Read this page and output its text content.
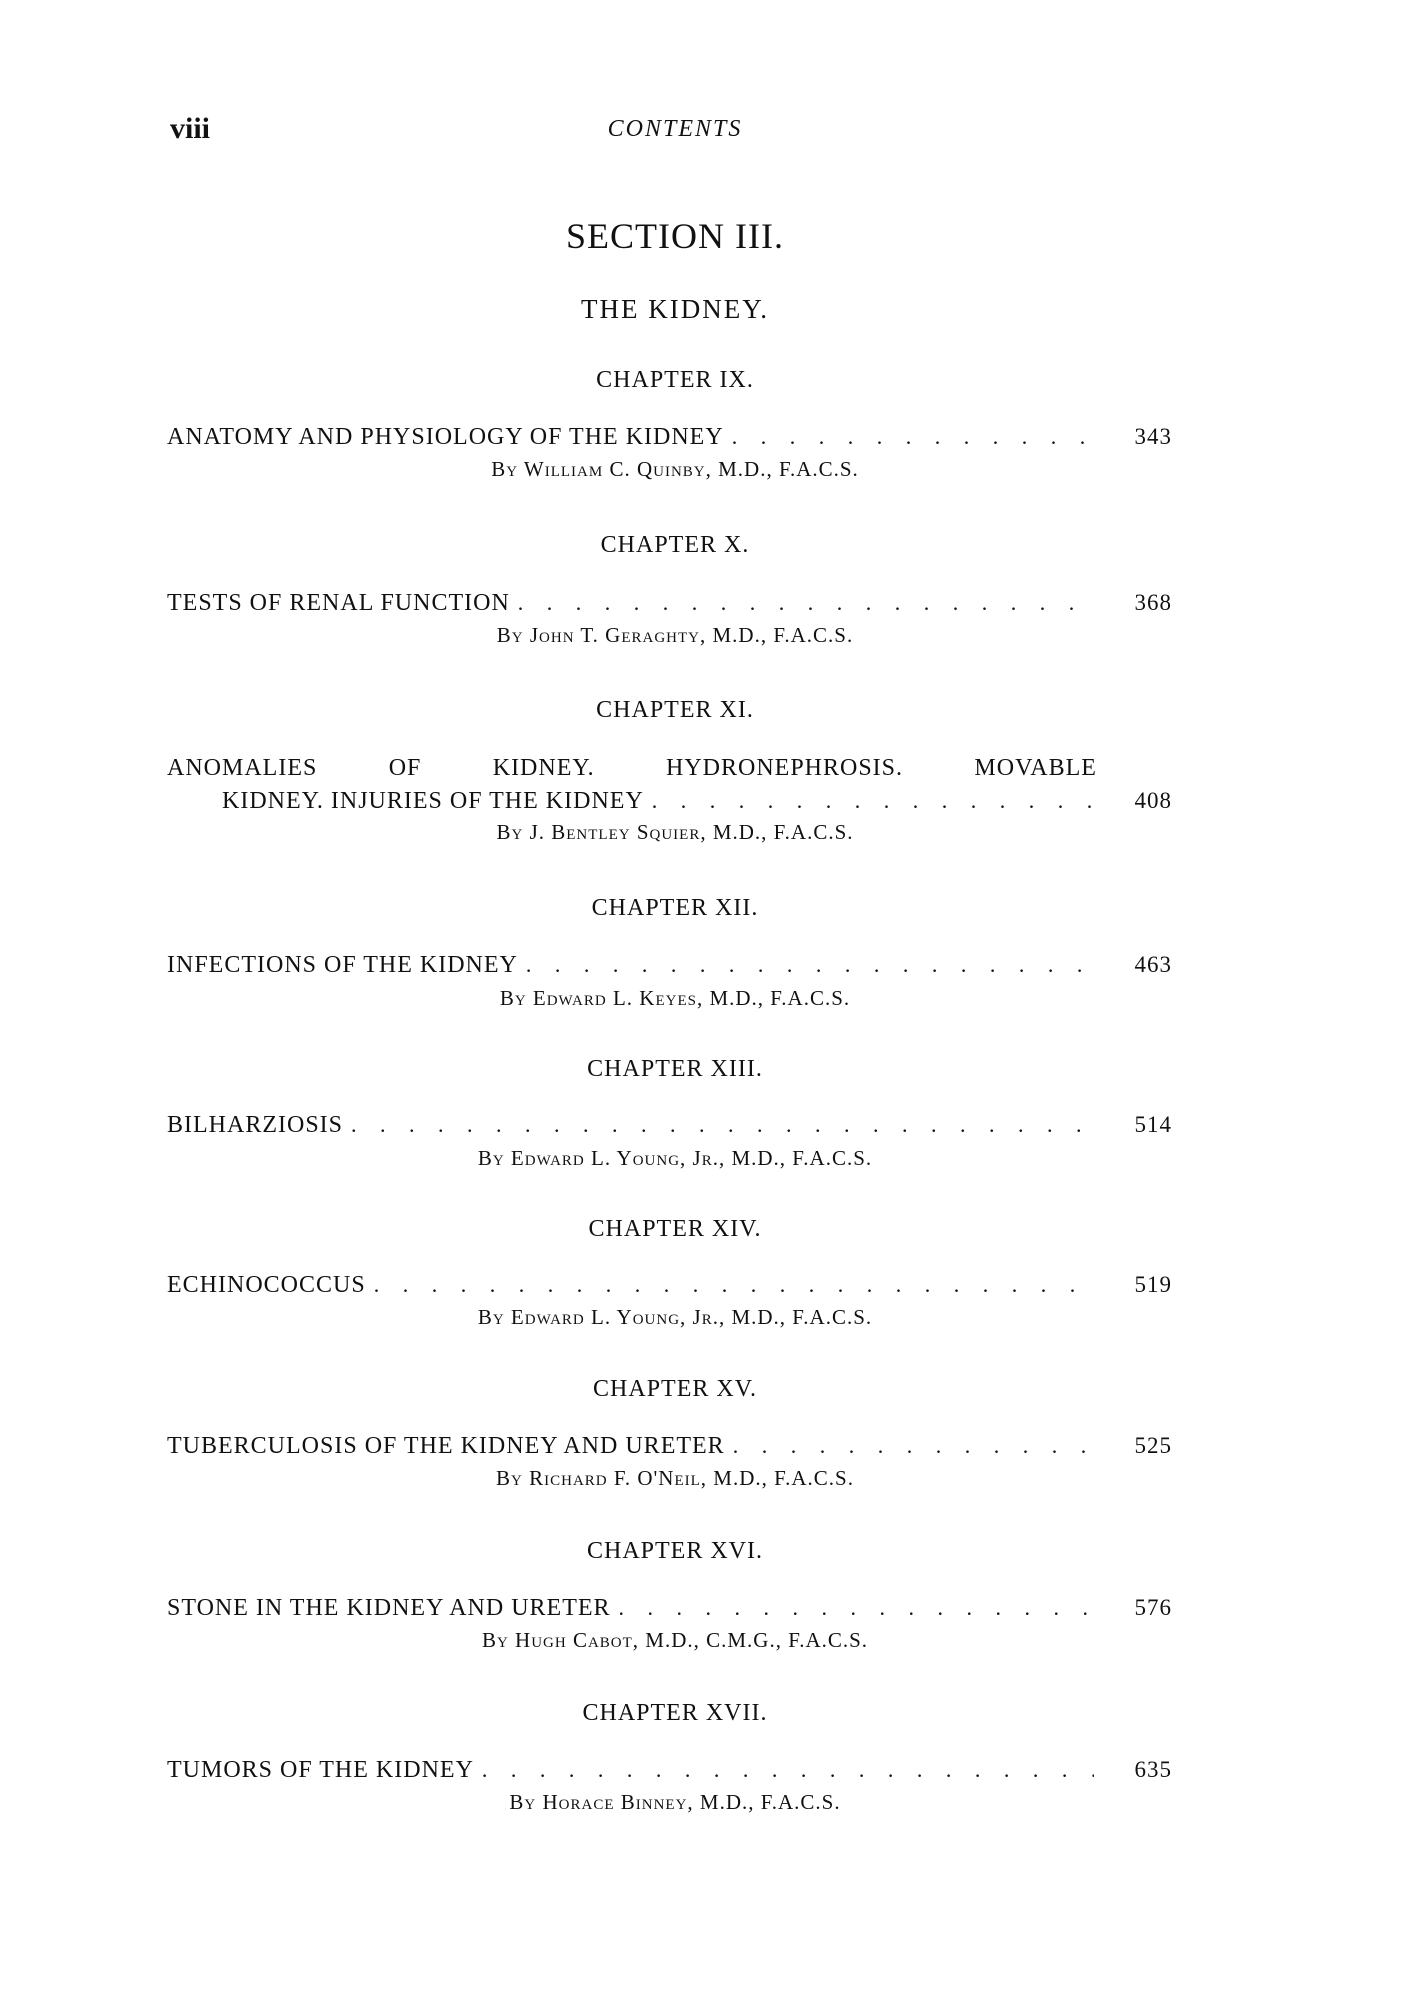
viii	CONTENTS
SECTION III.
THE KIDNEY.
CHAPTER IX.
ANATOMY AND PHYSIOLOGY OF THE KIDNEY . . .	343
By William C. Quinby, M.D., F.A.C.S.
CHAPTER X.
TESTS OF RENAL FUNCTION . . .	368
By John T. Geraghty, M.D., F.A.C.S.
CHAPTER XI.
ANOMALIES	OF	KIDNEY.	HYDRONEPHROSIS.	MOVABLE
KIDNEY. INJURIES OF THE KIDNEY . . .	408
By J. Bentley Squier, M.D., F.A.C.S.
CHAPTER XII.
INFECTIONS OF THE KIDNEY . . .	463
By Edward L. Keyes, M.D., F.A.C.S.
CHAPTER XIII.
BILHARZIOSIS . . .	514
By Edward L. Young, Jr., M.D., F.A.C.S.
CHAPTER XIV.
ECHINOCOCCUS . . .	519
By Edward L. Young, Jr., M.D., F.A.C.S.
CHAPTER XV.
TUBERCULOSIS OF THE KIDNEY AND URETER . . .	525
By Richard F. O'Neil, M.D., F.A.C.S.
CHAPTER XVI.
STONE IN THE KIDNEY AND URETER . . .	576
By Hugh Cabot, M.D., C.M.G., F.A.C.S.
CHAPTER XVII.
TUMORS OF THE KIDNEY . . .	635
By Horace Binney, M.D., F.A.C.S.
